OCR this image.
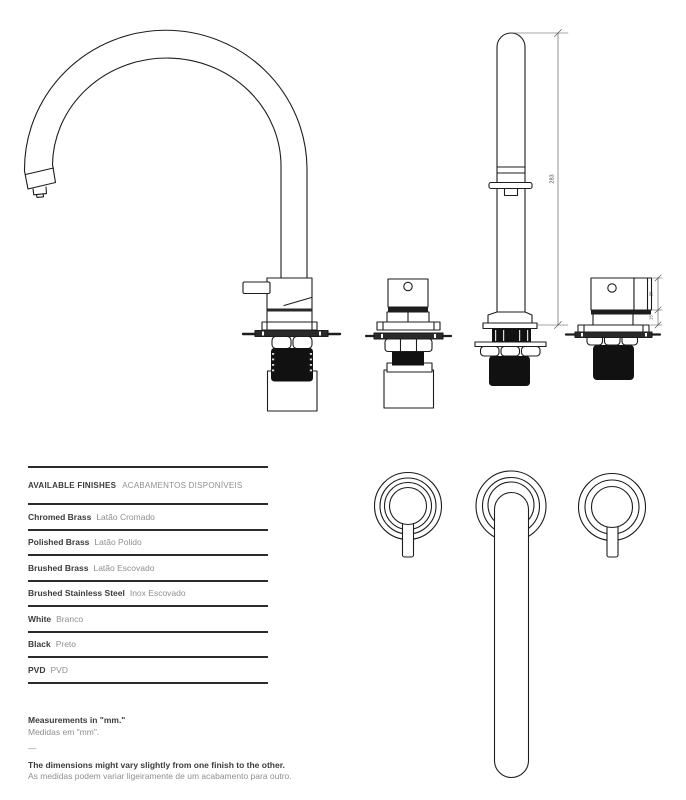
283
30
15
AVAILABLE FINISHES ACABAMENTOS DISPONÍVEIS
Chromed Brass Latão Cromado
Polished Brass Latão Polido
Brushed Brass Latão Escovado
Brushed Stainless Steel Inox Escovado
White Branco
Black Preto
PVD PVD
Measurements in "mm."
Medidas em "mm".
—
The dimensions might vary slightly from one finish to the other.
As medidas podem variar ligeiramente de um acabamento para outro.
